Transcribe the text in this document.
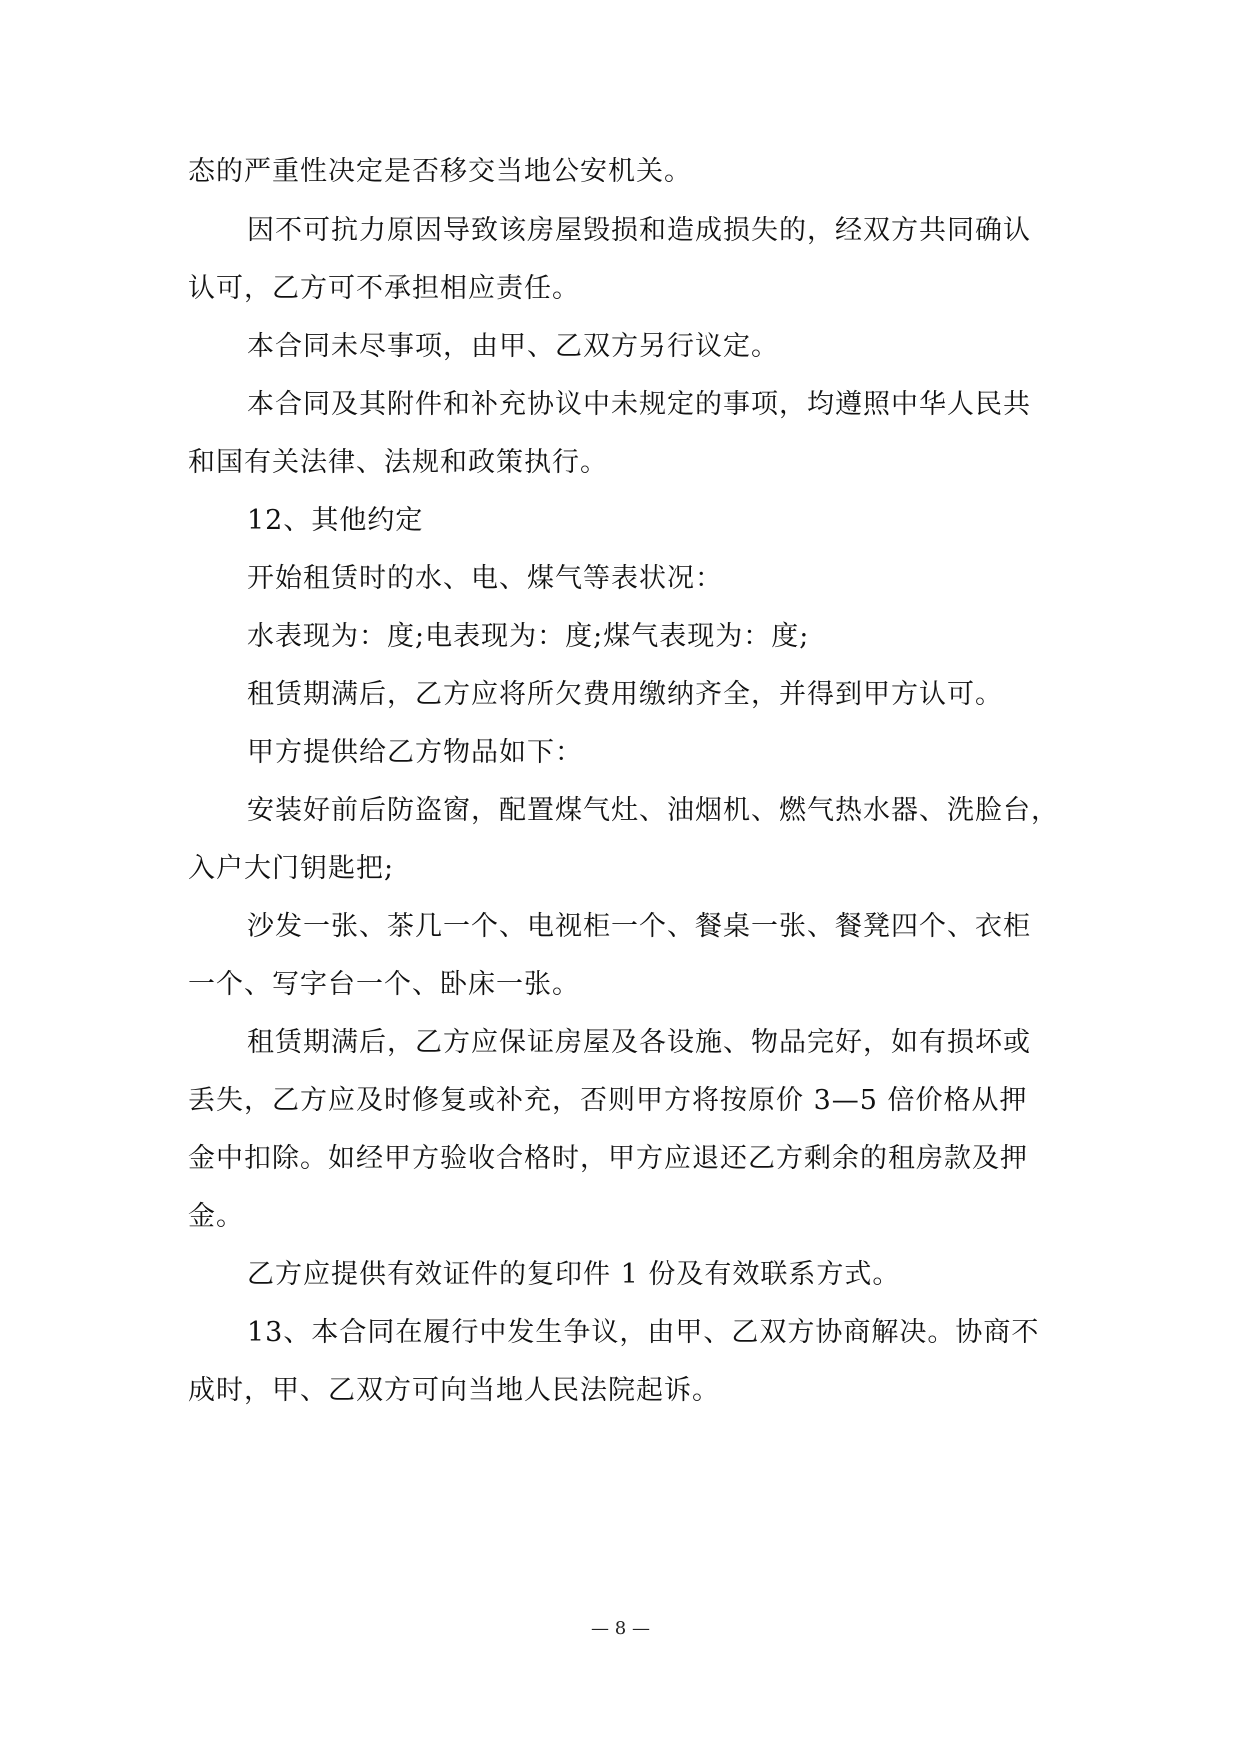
态的严重性决定是否移交当地公安机关。
因不可抗力原因导致该房屋毁损和造成损失的，经双方共同确认
认可，乙方可不承担相应责任。
本合同未尽事项，由甲、乙双方另行议定。
本合同及其附件和补充协议中未规定的事项，均遵照中华人民共
和国有关法律、法规和政策执行。
12、其他约定
开始租赁时的水、电、煤气等表状况：
水表现为：度;电表现为：度;煤气表现为：度;
租赁期满后，乙方应将所欠费用缴纳齐全，并得到甲方认可。
甲方提供给乙方物品如下：
安装好前后防盗窗，配置煤气灶、油烟机、燃气热水器、洗脸台，
入户大门钥匙把;
沙发一张、茶几一个、电视柜一个、餐桌一张、餐凳四个、衣柜
一个、写字台一个、卧床一张。
租赁期满后，乙方应保证房屋及各设施、物品完好，如有损坏或
丢失，乙方应及时修复或补充，否则甲方将按原价 3—5 倍价格从押
金中扣除。如经甲方验收合格时，甲方应退还乙方剩余的租房款及押
金。
乙方应提供有效证件的复印件 1 份及有效联系方式。
13、本合同在履行中发生争议，由甲、乙双方协商解决。协商不
成时，甲、乙双方可向当地人民法院起诉。
— 8 —
